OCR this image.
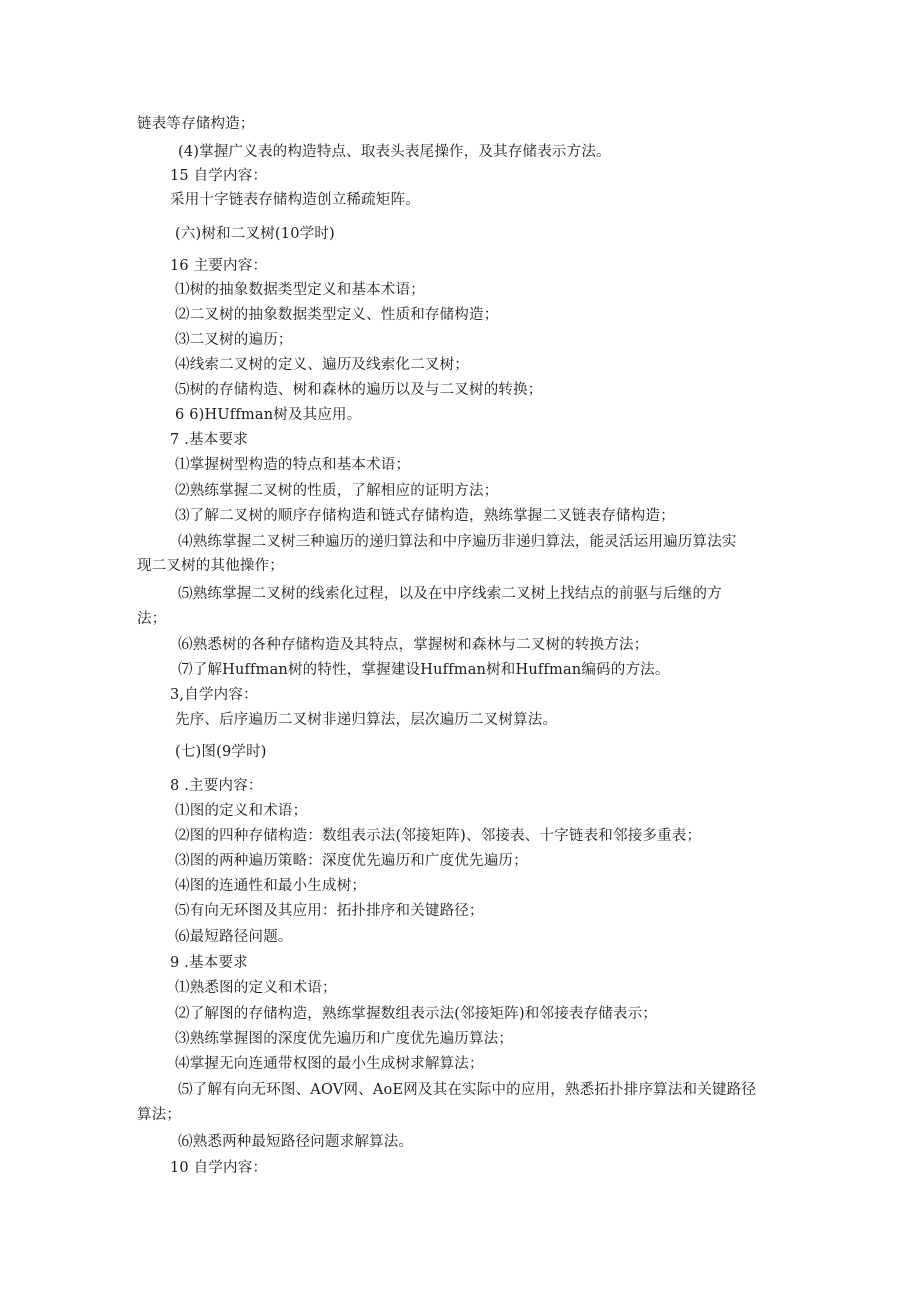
链表等存储构造；
(4)掌握广义表的构造特点、取表头表尾操作，及其存储表示方法。
15 自学内容：
采用十字链表存储构造创立稀疏矩阵。
(六)树和二叉树(10学时)
16 主要内容：
⑴树的抽象数据类型定义和基本术语；
⑵二叉树的抽象数据类型定义、性质和存储构造；
⑶二叉树的遍历；
⑷线索二叉树的定义、遍历及线索化二叉树；
⑸树的存储构造、树和森林的遍历以及与二叉树的转换；
6 6)HUffman树及其应用。
7 .基本要求
⑴掌握树型构造的特点和基本术语；
⑵熟练掌握二叉树的性质，了解相应的证明方法；
⑶了解二叉树的顺序存储构造和链式存储构造，熟练掌握二叉链表存储构造；
⑷熟练掌握二叉树三种遍历的递归算法和中序遍历非递归算法，能灵活运用遍历算法实
现二叉树的其他操作；
⑸熟练掌握二叉树的线索化过程，以及在中序线索二叉树上找结点的前驱与后继的方
法；
⑹熟悉树的各种存储构造及其特点，掌握树和森林与二叉树的转换方法；
⑺了解Huffman树的特性，掌握建设Huffman树和Huffman编码的方法。
3,自学内容：
先序、后序遍历二叉树非递归算法，层次遍历二叉树算法。
(七)图(9学时)
8 .主要内容：
⑴图的定义和术语；
⑵图的四种存储构造：数组表示法(邻接矩阵)、邻接表、十字链表和邻接多重表；
⑶图的两种遍历策略：深度优先遍历和广度优先遍历；
⑷图的连通性和最小生成树；
⑸有向无环图及其应用：拓扑排序和关键路径；
⑹最短路径问题。
9 .基本要求
⑴熟悉图的定义和术语；
⑵了解图的存储构造，熟练掌握数组表示法(邻接矩阵)和邻接表存储表示；
⑶熟练掌握图的深度优先遍历和广度优先遍历算法；
⑷掌握无向连通带权图的最小生成树求解算法；
⑸了解有向无环图、AOV网、AoE网及其在实际中的应用，熟悉拓扑排序算法和关键路径
算法；
⑹熟悉两种最短路径问题求解算法。
10 自学内容：
